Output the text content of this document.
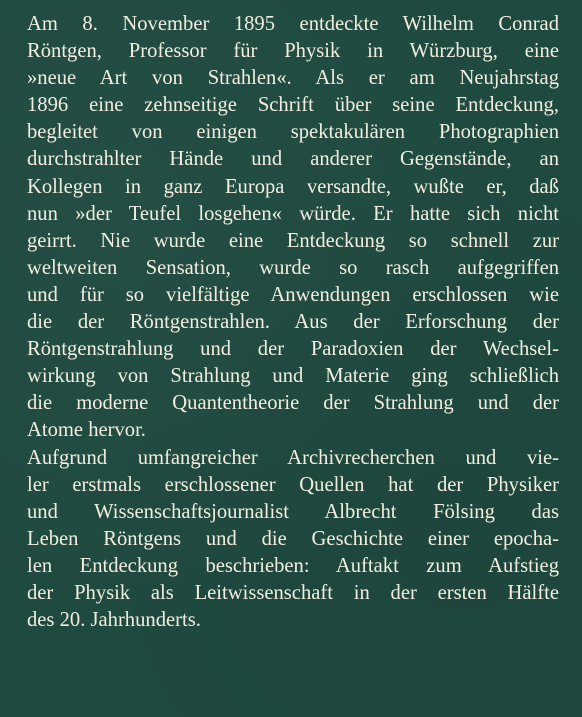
Am 8. November 1895 entdeckte Wilhelm Conrad
Röntgen, Professor für Physik in Würzburg, eine
»neue Art von Strahlen«. Als er am Neujahrstag
1896 eine zehnseitige Schrift über seine Entdeckung,
begleitet von einigen spektakulären Photographien
durchstrahlter Hände und anderer Gegenstände, an
Kollegen in ganz Europa versandte, wußte er, daß
nun »der Teufel losgehen« würde. Er hatte sich nicht
geirrt. Nie wurde eine Entdeckung so schnell zur
weltweiten Sensation, wurde so rasch aufgegriffen
und für so vielfältige Anwendungen erschlossen wie
die der Röntgenstrahlen. Aus der Erforschung der
Röntgenstrahlung und der Paradoxien der Wechsel-
wirkung von Strahlung und Materie ging schließlich
die moderne Quantentheorie der Strahlung und der
Atome hervor.
Aufgrund umfangreicher Archivrecherchen und vie-
ler erstmals erschlossener Quellen hat der Physiker
und Wissenschaftsjournalist Albrecht Fölsing das
Leben Röntgens und die Geschichte einer epocha-
len Entdeckung beschrieben: Auftakt zum Aufstieg
der Physik als Leitwissenschaft in der ersten Hälfte
des 20. Jahrhunderts.
